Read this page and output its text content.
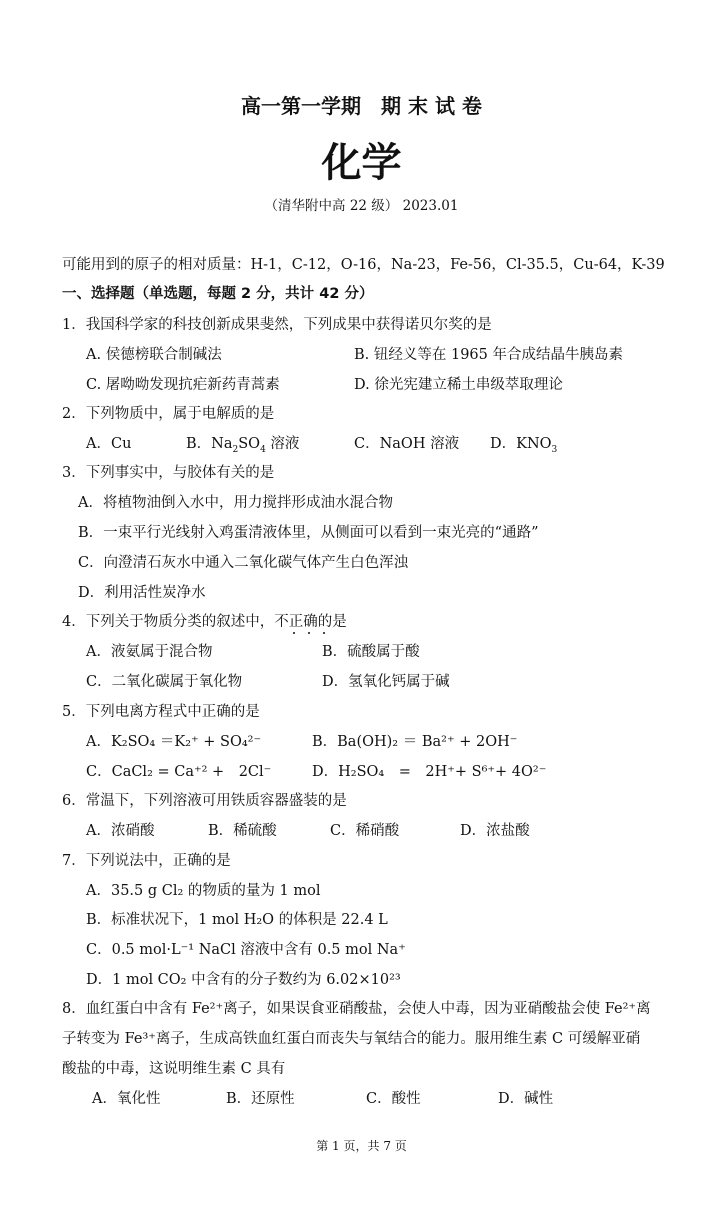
高一第一学期　期 末 试 卷
化学
（清华附中高 22 级） 2023.01
可能用到的原子的相对质量：H-1，C-12，O-16，Na-23，Fe-56，Cl-35.5，Cu-64，K-39
一、选择题（单选题，每题 2 分，共计 42 分）
1．我国科学家的科技创新成果斐然，下列成果中获得诺贝尔奖的是
A. 侯德榜联合制碱法	B. 钮经义等在 1965 年合成结晶牛胰岛素
C. 屠呦呦发现抗疟新药青蒿素	D. 徐光宪建立稀土串级萃取理论
2．下列物质中，属于电解质的是
A．Cu	B．$Na_2SO_4$ 溶液	C．NaOH 溶液 D．$KNO_3$
3．下列事实中，与胶体有关的是
A．将植物油倒入水中，用力搅拌形成油水混合物
B．一束平行光线射入鸡蛋清液体里，从侧面可以看到一束光亮的“通路”
C．向澄清石灰水中通入二氧化碳气体产生白色浑浊
D．利用活性炭净水
4．下列关于物质分类的叙述中，不正确的是
A．液氨属于混合物	B．硫酸属于酸
C．二氧化碳属于氧化物	D．氢氧化钙属于碱
5．下列电离方程式中正确的是
A．K₂SO₄ ＝K₂⁺ + SO₄²⁻	B．Ba(OH)₂ ＝ Ba²⁺ + 2OH⁻
C．CaCl₂ = Ca⁺² +　2Cl⁻	D．H₂SO₄　=　2H⁺+ S⁶⁺+ 4O²⁻
6．常温下，下列溶液可用铁质容器盛装的是
A．浓硝酸	B．稀硫酸	C．稀硝酸	D．浓盐酸
7．下列说法中，正确的是
A．35.5 g Cl₂ 的物质的量为 1 mol
B．标准状况下，1 mol H₂O 的体积是 22.4 L
C．0.5 mol·L⁻¹ NaCl 溶液中含有 0.5 mol Na⁺
D．1 mol CO₂ 中含有的分子数约为 6.02×10²³
8．血红蛋白中含有 Fe²⁺离子，如果误食亚硝酸盐，会使人中毒，因为亚硝酸盐会使 Fe²⁺离
子转变为 Fe³⁺离子，生成高铁血红蛋白而丧失与氧结合的能力。服用维生素 C 可缓解亚硝
酸盐的中毒，这说明维生素 C 具有
A．氧化性	B．还原性	C．酸性	D．碱性
第 1 页，共 7 页
